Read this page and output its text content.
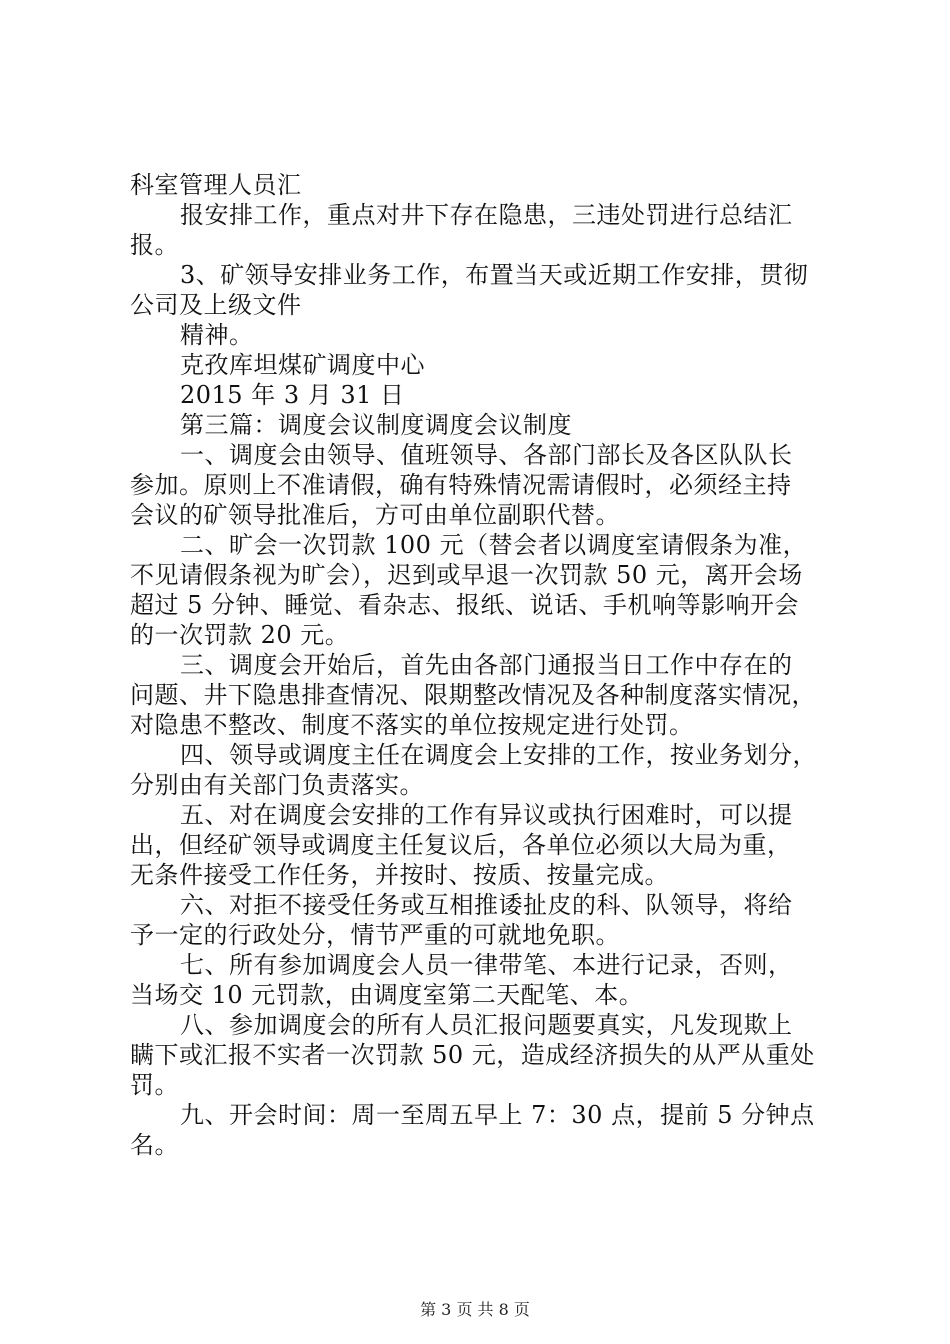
科室管理人员汇
报安排工作，重点对井下存在隐患，三违处罚进行总结汇
报。
3、矿领导安排业务工作，布置当天或近期工作安排，贯彻
公司及上级文件
精神。
克孜库坦煤矿调度中心
2015 年 3 月 31 日
第三篇：调度会议制度调度会议制度
一、调度会由领导、值班领导、各部门部长及各区队队长
参加。原则上不准请假，确有特殊情况需请假时，必须经主持
会议的矿领导批准后，方可由单位副职代替。
二、旷会一次罚款 100 元（替会者以调度室请假条为准，
不见请假条视为旷会），迟到或早退一次罚款 50 元，离开会场
超过 5 分钟、睡觉、看杂志、报纸、说话、手机响等影响开会
的一次罚款 20 元。
三、调度会开始后，首先由各部门通报当日工作中存在的
问题、井下隐患排查情况、限期整改情况及各种制度落实情况，
对隐患不整改、制度不落实的单位按规定进行处罚。
四、领导或调度主任在调度会上安排的工作，按业务划分，
分别由有关部门负责落实。
五、对在调度会安排的工作有异议或执行困难时，可以提
出，但经矿领导或调度主任复议后，各单位必须以大局为重，
无条件接受工作任务，并按时、按质、按量完成。
六、对拒不接受任务或互相推诿扯皮的科、队领导，将给
予一定的行政处分，情节严重的可就地免职。
七、所有参加调度会人员一律带笔、本进行记录，否则，
当场交 10 元罚款，由调度室第二天配笔、本。
八、参加调度会的所有人员汇报问题要真实，凡发现欺上
瞒下或汇报不实者一次罚款 50 元，造成经济损失的从严从重处
罚。
九、开会时间：周一至周五早上 7：30 点，提前 5 分钟点
名。
第 3 页 共 8 页
